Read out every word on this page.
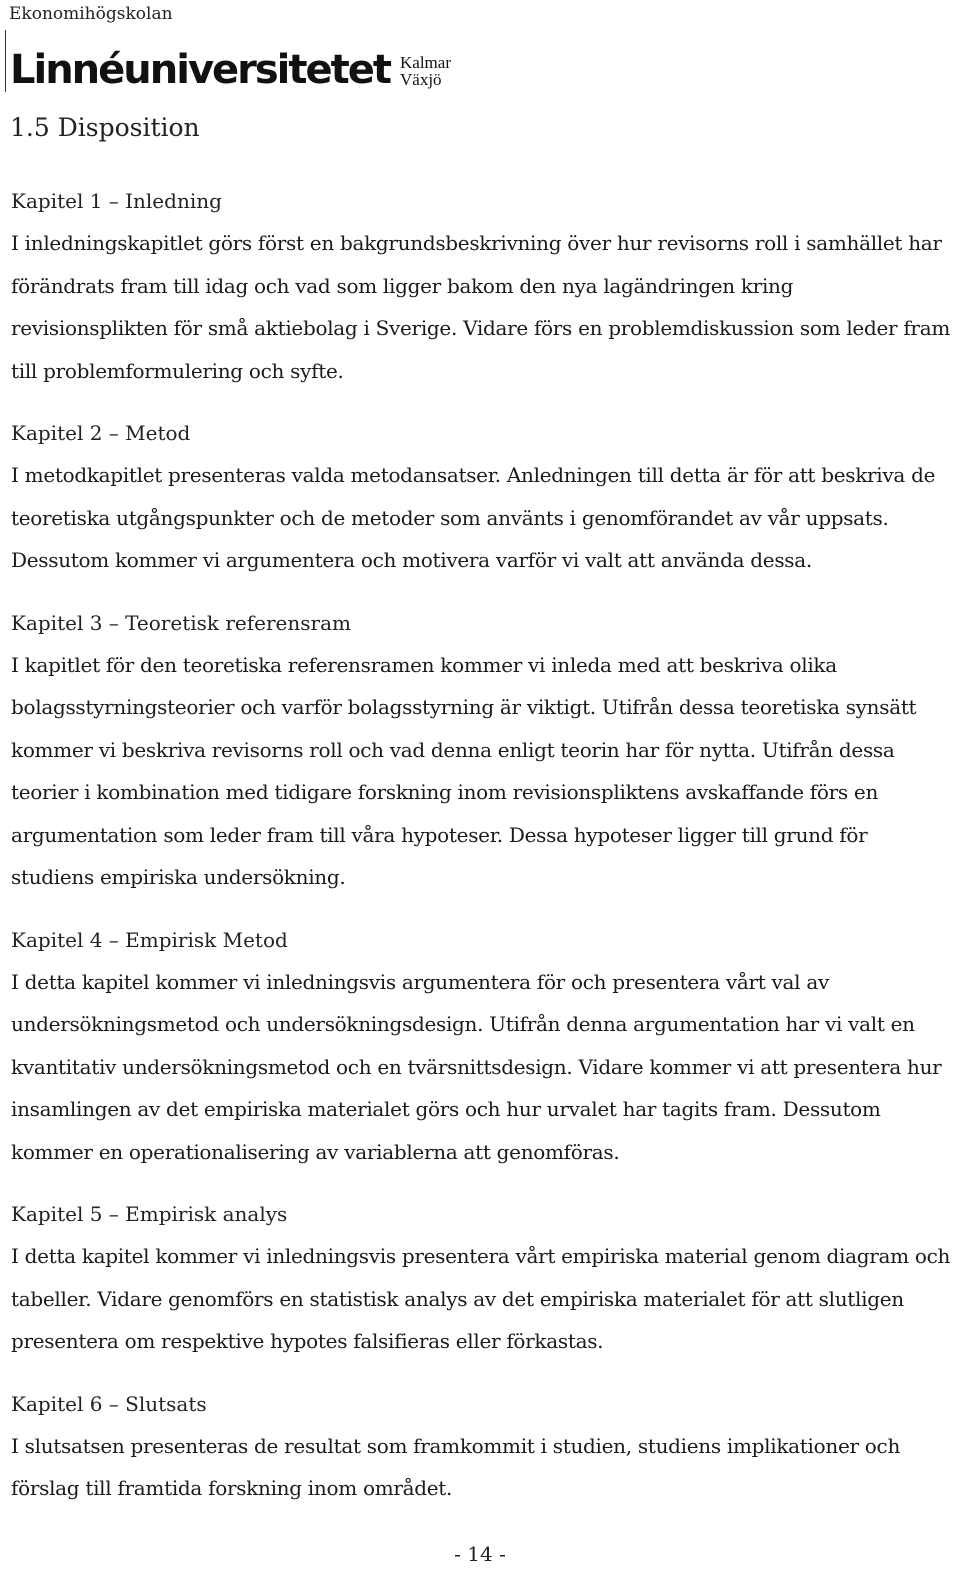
Ekonomihögskolan
Linnéuniversitetet Kalmar
Växjö
1.5 Disposition
Kapitel 1 – Inledning
I inledningskapitlet görs först en bakgrundsbeskrivning över hur revisorns roll i samhället har förändrats fram till idag och vad som ligger bakom den nya lagändringen kring revisionsplikten för små aktiebolag i Sverige. Vidare förs en problemdiskussion som leder fram till problemformulering och syfte.
Kapitel 2 – Metod
I metodkapitlet presenteras valda metodansatser. Anledningen till detta är för att beskriva de teoretiska utgångspunkter och de metoder som använts i genomförandet av vår uppsats. Dessutom kommer vi argumentera och motivera varför vi valt att använda dessa.
Kapitel 3 – Teoretisk referensram
I kapitlet för den teoretiska referensramen kommer vi inleda med att beskriva olika bolagsstyrningsteorier och varför bolagsstyrning är viktigt. Utifrån dessa teoretiska synsätt kommer vi beskriva revisorns roll och vad denna enligt teorin har för nytta. Utifrån dessa teorier i kombination med tidigare forskning inom revisionspliktens avskaffande förs en argumentation som leder fram till våra hypoteser. Dessa hypoteser ligger till grund för studiens empiriska undersökning.
Kapitel 4 – Empirisk Metod
I detta kapitel kommer vi inledningsvis argumentera för och presentera vårt val av undersökningsmetod och undersökningsdesign. Utifrån denna argumentation har vi valt en kvantitativ undersökningsmetod och en tvärsnittsdesign. Vidare kommer vi att presentera hur insamlingen av det empiriska materialet görs och hur urvalet har tagits fram. Dessutom kommer en operationalisering av variablerna att genomföras.
Kapitel 5 – Empirisk analys
I detta kapitel kommer vi inledningsvis presentera vårt empiriska material genom diagram och tabeller. Vidare genomförs en statistisk analys av det empiriska materialet för att slutligen presentera om respektive hypotes falsifieras eller förkastas.
Kapitel 6 – Slutsats
I slutsatsen presenteras de resultat som framkommit i studien, studiens implikationer och förslag till framtida forskning inom området.
- 14 -
